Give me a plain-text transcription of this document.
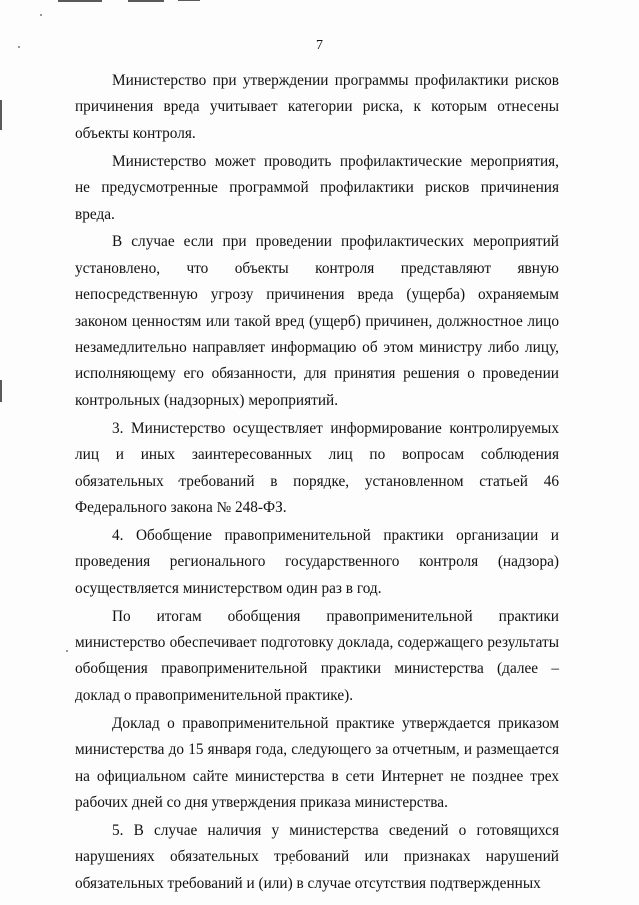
7

Министерство при утверждении программы профилактики рисков причинения вреда учитывает категории риска, к которым отнесены объекты контроля.

Министерство может проводить профилактические мероприятия, не предусмотренные программой профилактики рисков причинения вреда.

В случае если при проведении профилактических мероприятий установлено, что объекты контроля представляют явную непосредственную угрозу причинения вреда (ущерба) охраняемым законом ценностям или такой вред (ущерб) причинен, должностное лицо незамедлительно направляет информацию об этом министру либо лицу, исполняющему его обязанности, для принятия решения о проведении контрольных (надзорных) мероприятий.

3. Министерство осуществляет информирование контролируемых лиц и иных заинтересованных лиц по вопросам соблюдения обязательных требований в порядке, установленном статьей 46 Федерального закона № 248-ФЗ.

4. Обобщение правоприменительной практики организации и проведения регионального государственного контроля (надзора) осуществляется министерством один раз в год.

По итогам обобщения правоприменительной практики министерство обеспечивает подготовку доклада, содержащего результаты обобщения правоприменительной практики министерства (далее – доклад о правоприменительной практике).

Доклад о правоприменительной практике утверждается приказом министерства до 15 января года, следующего за отчетным, и размещается на официальном сайте министерства в сети Интернет не позднее трех рабочих дней со дня утверждения приказа министерства.

5. В случае наличия у министерства сведений о готовящихся нарушениях обязательных требований или признаках нарушений обязательных требований и (или) в случае отсутствия подтвержденных
